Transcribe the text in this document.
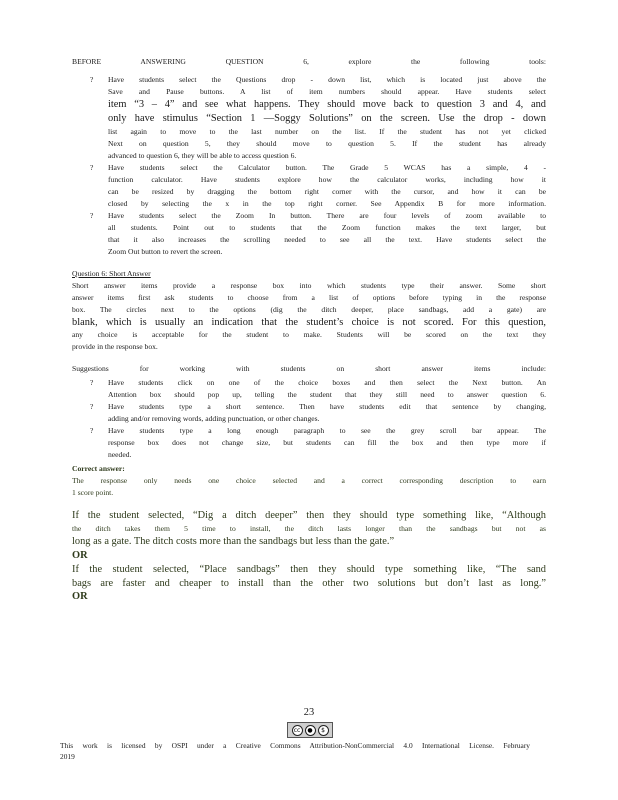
BEFORE ANSWERING QUESTION 6, explore the following tools:

? Have students select the Questions drop - down list, which is located just above the

Save and Pause buttons. A list of item numbers should appear. Have students select

item “3 – 4” and see what happens. They should move back to question 3 and 4, and

only have stimulus “Section 1 —Soggy Solutions” on the screen. Use the drop - down

list again to move to the last number on the list. If the student has not yet clicked

Next on question 5, they should move to question 5. If the student has already

advanced to question 6, they will be able to access question 6.

? Have students select the Calculator button. The Grade 5 WCAS has a simple, 4 -

function calculator. Have students explore how the calculator works, including how it

can be resized by dragging the bottom right corner with the cursor, and how it can be

closed by selecting the x in the top right corner. See Appendix B for more information.

? Have students select the Zoom In button. There are four levels of zoom available to

all students. Point out to students that the Zoom function makes the text larger, but

that it also increases the scrolling needed to see all the text. Have students select the

Zoom Out button to revert the screen.

Question 6: Short Answer

Short answer items provide a response box into which students type their answer. Some short

answer items first ask students to choose from a list of options before typing in the response

box. The circles next to the options (dig the ditch deeper, place sandbags, add a gate) are

blank, which is usually an indication that the student’s choice is not scored. For this question,

any choice is acceptable for the student to make. Students will be scored on the text they

provide in the response box.

Suggestions for working with students on short answer items include:

? Have students click on one of the choice boxes and then select the Next button. An

Attention box should pop up, telling the student that they still need to answer question 6.

? Have students type a short sentence. Then have students edit that sentence by changing,

adding and/or removing words, adding punctuation, or other changes.

? Have students type a long enough paragraph to see the grey scroll bar appear. The

response box does not change size, but students can fill the box and then type more if

needed.

Correct answer:

The response only needs one choice selected and a correct corresponding description to earn

1 score point.

If the student selected, “Dig a ditch deeper” then they should type something like, “Although

the ditch takes them 5 time to install, the ditch lasts longer than the sandbags but not as

long as a gate. The ditch costs more than the sandbags but less than the gate.”

OR

If the student selected, “Place sandbags” then they should type something like, “The sand

bags are faster and cheaper to install than the other two solutions but don’t last as long.”

OR

23
cc	●	$

This work is licensed by OSPI under a Creative Commons Attribution-NonCommercial 4.0 International License. February

2019
